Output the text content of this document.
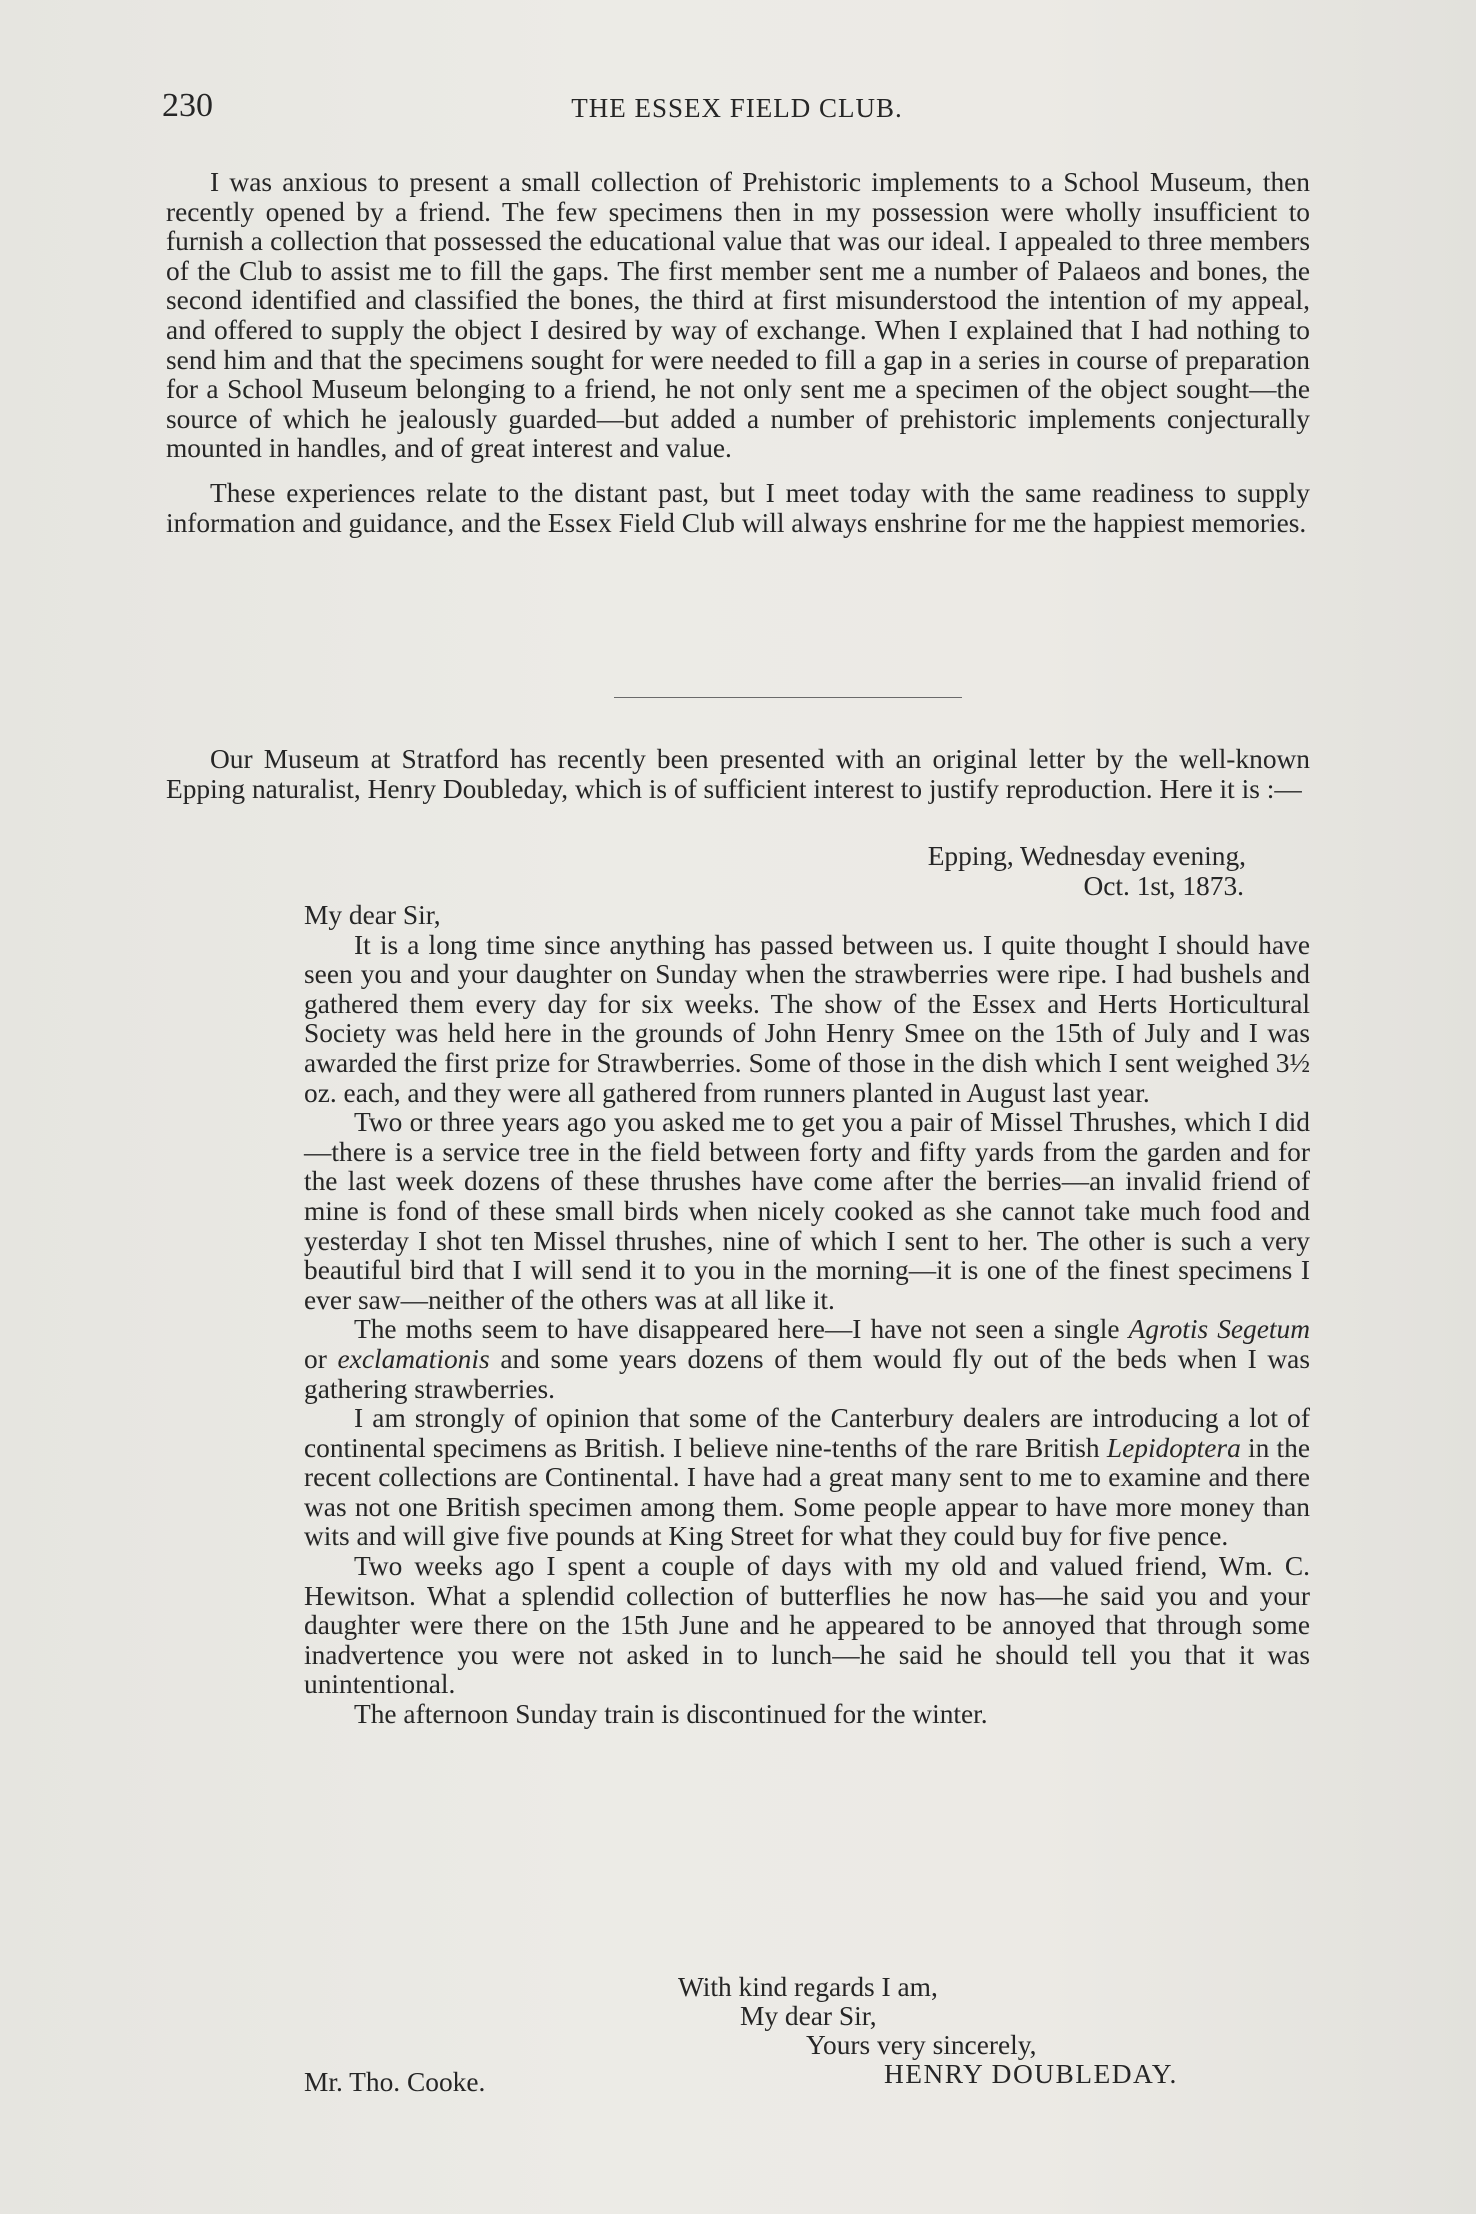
230	THE ESSEX FIELD CLUB.

I was anxious to present a small collection of Prehistoric implements to a School Museum, then recently opened by a friend. The few specimens then in my possession were wholly insufficient to furnish a collection that possessed the educational value that was our ideal. I appealed to three members of the Club to assist me to fill the gaps. The first member sent me a number of Palaeos and bones, the second identified and classified the bones, the third at first misunderstood the intention of my appeal, and offered to supply the object I desired by way of exchange. When I explained that I had nothing to send him and that the specimens sought for were needed to fill a gap in a series in course of preparation for a School Museum belonging to a friend, he not only sent me a specimen of the object sought—the source of which he jealously guarded—but added a number of prehistoric implements conjecturally mounted in handles, and of great interest and value.

These experiences relate to the distant past, but I meet today with the same readiness to supply information and guidance, and the Essex Field Club will always enshrine for me the happiest memories.

Our Museum at Stratford has recently been presented with an original letter by the well-known Epping naturalist, Henry Doubleday, which is of sufficient interest to justify reproduction. Here it is :—

Epping, Wednesday evening,
Oct. 1st, 1873.

My dear Sir,

It is a long time since anything has passed between us. I quite thought I should have seen you and your daughter on Sunday when the strawberries were ripe. I had bushels and gathered them every day for six weeks. The show of the Essex and Herts Horticultural Society was held here in the grounds of John Henry Smee on the 15th of July and I was awarded the first prize for Strawberries. Some of those in the dish which I sent weighed 3½ oz. each, and they were all gathered from runners planted in August last year.

Two or three years ago you asked me to get you a pair of Missel Thrushes, which I did—there is a service tree in the field between forty and fifty yards from the garden and for the last week dozens of these thrushes have come after the berries—an invalid friend of mine is fond of these small birds when nicely cooked as she cannot take much food and yesterday I shot ten Missel thrushes, nine of which I sent to her. The other is such a very beautiful bird that I will send it to you in the morning—it is one of the finest specimens I ever saw—neither of the others was at all like it.

The moths seem to have disappeared here—I have not seen a single Agrotis Segetum or exclamationis and some years dozens of them would fly out of the beds when I was gathering strawberries.

I am strongly of opinion that some of the Canterbury dealers are introducing a lot of continental specimens as British. I believe nine-tenths of the rare British Lepidoptera in the recent collections are Continental. I have had a great many sent to me to examine and there was not one British specimen among them. Some people appear to have more money than wits and will give five pounds at King Street for what they could buy for five pence.

Two weeks ago I spent a couple of days with my old and valued friend, Wm. C. Hewitson. What a splendid collection of butterflies he now has—he said you and your daughter were there on the 15th June and he appeared to be annoyed that through some inadvertence you were not asked in to lunch—he said he should tell you that it was unintentional.

The afternoon Sunday train is discontinued for the winter.

With kind regards I am,
My dear Sir,
Yours very sincerely,
HENRY DOUBLEDAY.
Mr. Tho. Cooke.
